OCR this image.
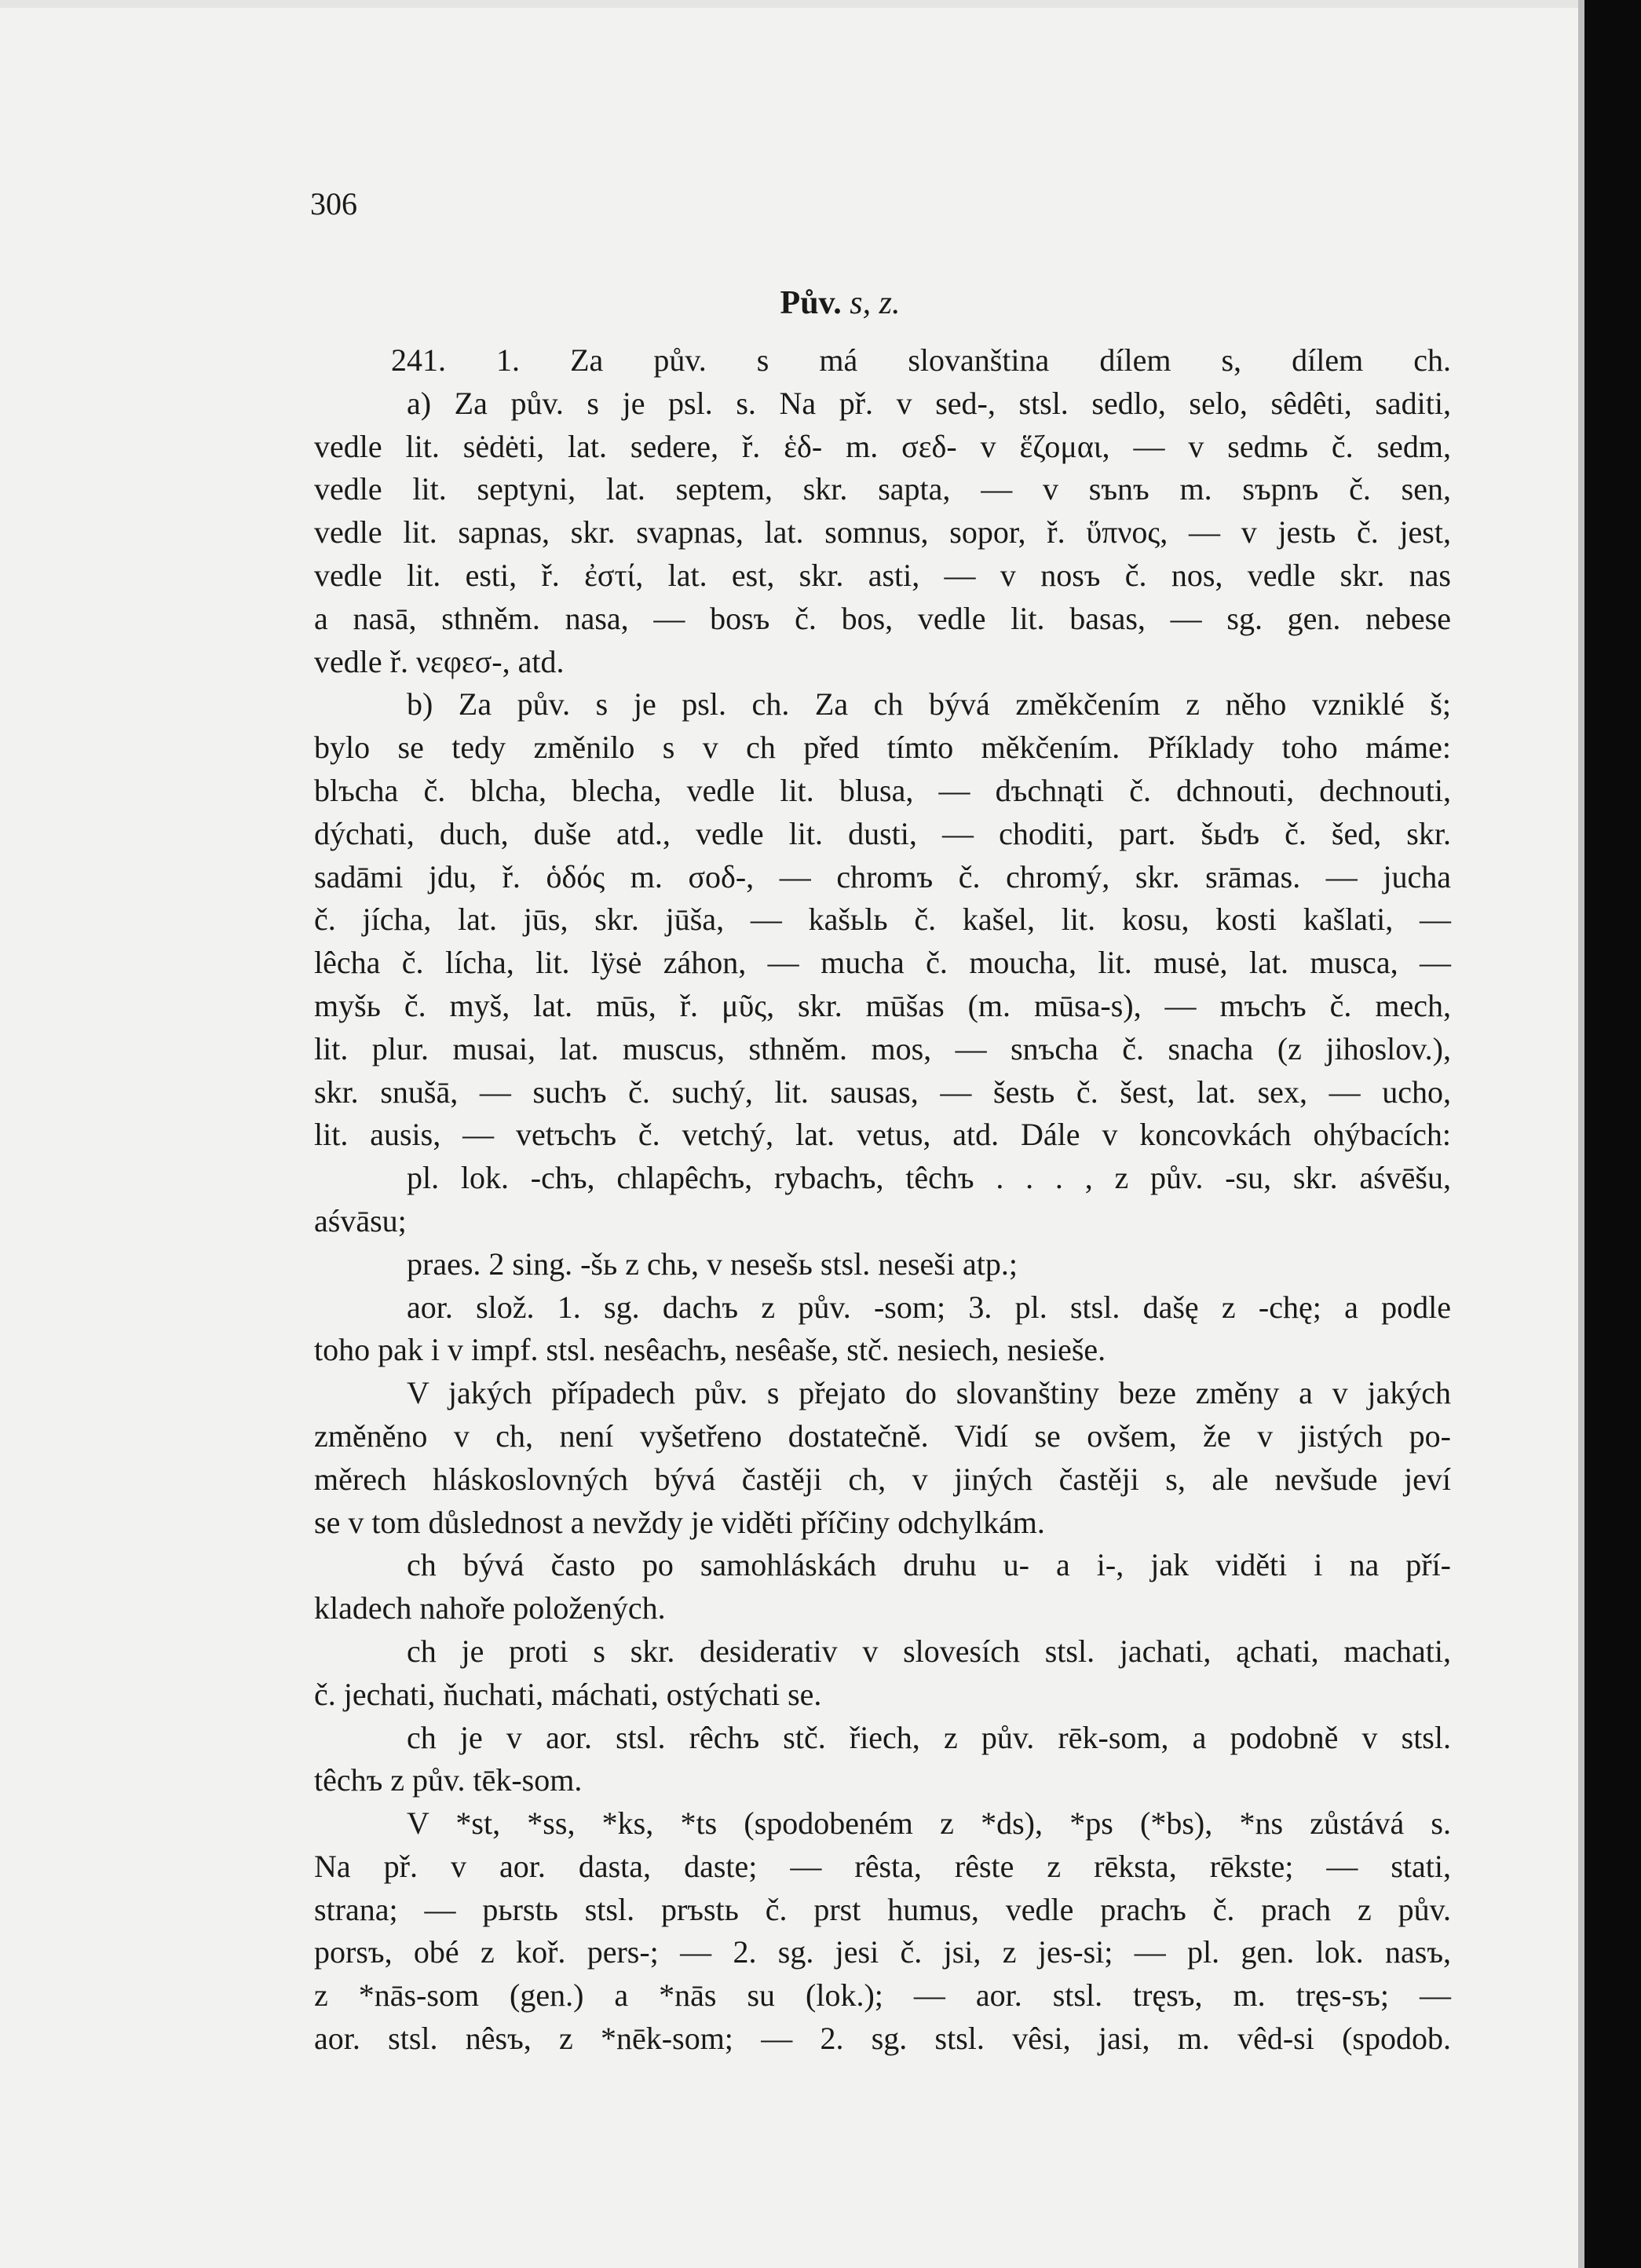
306
Pův. s, z.
241. 1. Za pův. s má slovanština dílem s, dílem ch.
a) Za pův. s je psl. s. Na př. v sed-, stsl. sedlo, selo, sêdêti, saditi,
vedle lit. sėdėti, lat. sedere, ř. ἑδ- m. σεδ- v ἕζομαι, — v sedmь č. sedm,
vedle lit. septyni, lat. septem, skr. sapta, — v sъnъ m. sъpnъ č. sen,
vedle lit. sapnas, skr. svapnas, lat. somnus, sopor, ř. ὕπνος, — v jestь č. jest,
vedle lit. esti, ř. ἐστί, lat. est, skr. asti, — v nosъ č. nos, vedle skr. nas
a nasā, sthněm. nasa, — bosъ č. bos, vedle lit. basas, — sg. gen. nebese
vedle ř. νεφεσ-, atd.
b) Za pův. s je psl. ch. Za ch bývá změkčením z něho vzniklé š;
bylo se tedy změnilo s v ch před tímto měkčením. Příklady toho máme:
blъcha č. blcha, blecha, vedle lit. blusa, — dъchnąti č. dchnouti, dechnouti,
dýchati, duch, duše atd., vedle lit. dusti, — choditi, part. šьdъ č. šed, skr.
sadāmi jdu, ř. ὁδός m. σοδ-, — chromъ č. chromý, skr. srāmas. — jucha
č. jícha, lat. jūs, skr. jūša, — kašьlь č. kašel, lit. kosu, kosti kašlati, —
lêcha č. lícha, lit. lÿsė záhon, — mucha č. moucha, lit. musė, lat. musca, —
myšь č. myš, lat. mūs, ř. μῦς, skr. mūšas (m. mūsa-s), — mъchъ č. mech,
lit. plur. musai, lat. muscus, sthněm. mos, — snъcha č. snacha (z jihoslov.),
skr. snušā, — suchъ č. suchý, lit. sausas, — šestь č. šest, lat. sex, — ucho,
lit. ausis, — vetъchъ č. vetchý, lat. vetus, atd. Dále v koncovkách ohýbacích:
pl. lok. -chъ, chlapêchъ, rybachъ, têchъ . . . , z pův. -su, skr. aśvēšu,
aśvāsu;
praes. 2 sing. -šь z chь, v nesešь stsl. neseši atp.;
aor. slož. 1. sg. dachъ z pův. -som; 3. pl. stsl. dašę z -chę; a podle
toho pak i v impf. stsl. nesêachъ, nesêaše, stč. nesiech, nesieše.
V jakých případech pův. s přejato do slovanštiny beze změny a v jakých
změněno v ch, není vyšetřeno dostatečně. Vidí se ovšem, že v jistých po-
měrech hláskoslovných bývá častěji ch, v jiných častěji s, ale nevšude jeví
se v tom důslednost a nevždy je viděti příčiny odchylkám.
ch bývá často po samohláskách druhu u- a i-, jak viděti i na pří-
kladech nahoře položených.
ch je proti s skr. desiderativ v slovesích stsl. jachati, ąchati, machati,
č. jechati, ňuchati, máchati, ostýchati se.
ch je v aor. stsl. rêchъ stč. řiech, z pův. rēk-som, a podobně v stsl.
têchъ z pův. tēk-som.
V *st, *ss, *ks, *ts (spodobeném z *ds), *ps (*bs), *ns zůstává s.
Na př. v aor. dasta, daste; — rêsta, rêste z rēksta, rēkste; — stati,
strana; — pьrstь stsl. prъstь č. prst humus, vedle prachъ č. prach z pův.
porsъ, obé z koř. pers-; — 2. sg. jesi č. jsi, z jes-si; — pl. gen. lok. nasъ,
z *nās-som (gen.) a *nās su (lok.); — aor. stsl. tręsъ, m. tręs-sъ; —
aor. stsl. nêsъ, z *nēk-som; — 2. sg. stsl. vêsi, jasi, m. vêd-si (spodob.
